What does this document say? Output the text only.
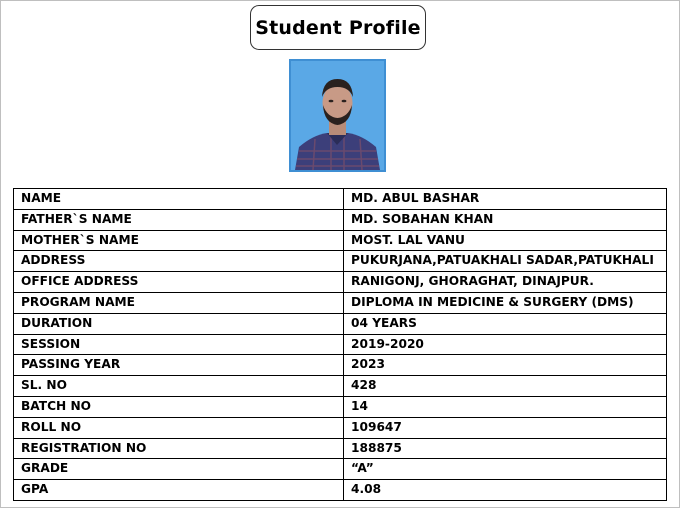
Student Profile
NAME	MD. ABUL BASHAR
FATHER`S NAME	MD. SOBAHAN KHAN
MOTHER`S NAME	MOST. LAL VANU
ADDRESS	PUKURJANA,PATUAKHALI SADAR,PATUKHALI
OFFICE ADDRESS	RANIGONJ, GHORAGHAT, DINAJPUR.
PROGRAM NAME	DIPLOMA IN MEDICINE & SURGERY (DMS)
DURATION	04 YEARS
SESSION	2019-2020
PASSING YEAR	2023
SL. NO	428
BATCH NO	14
ROLL NO	109647
REGISTRATION NO	188875
GRADE	“A”
GPA	4.08
